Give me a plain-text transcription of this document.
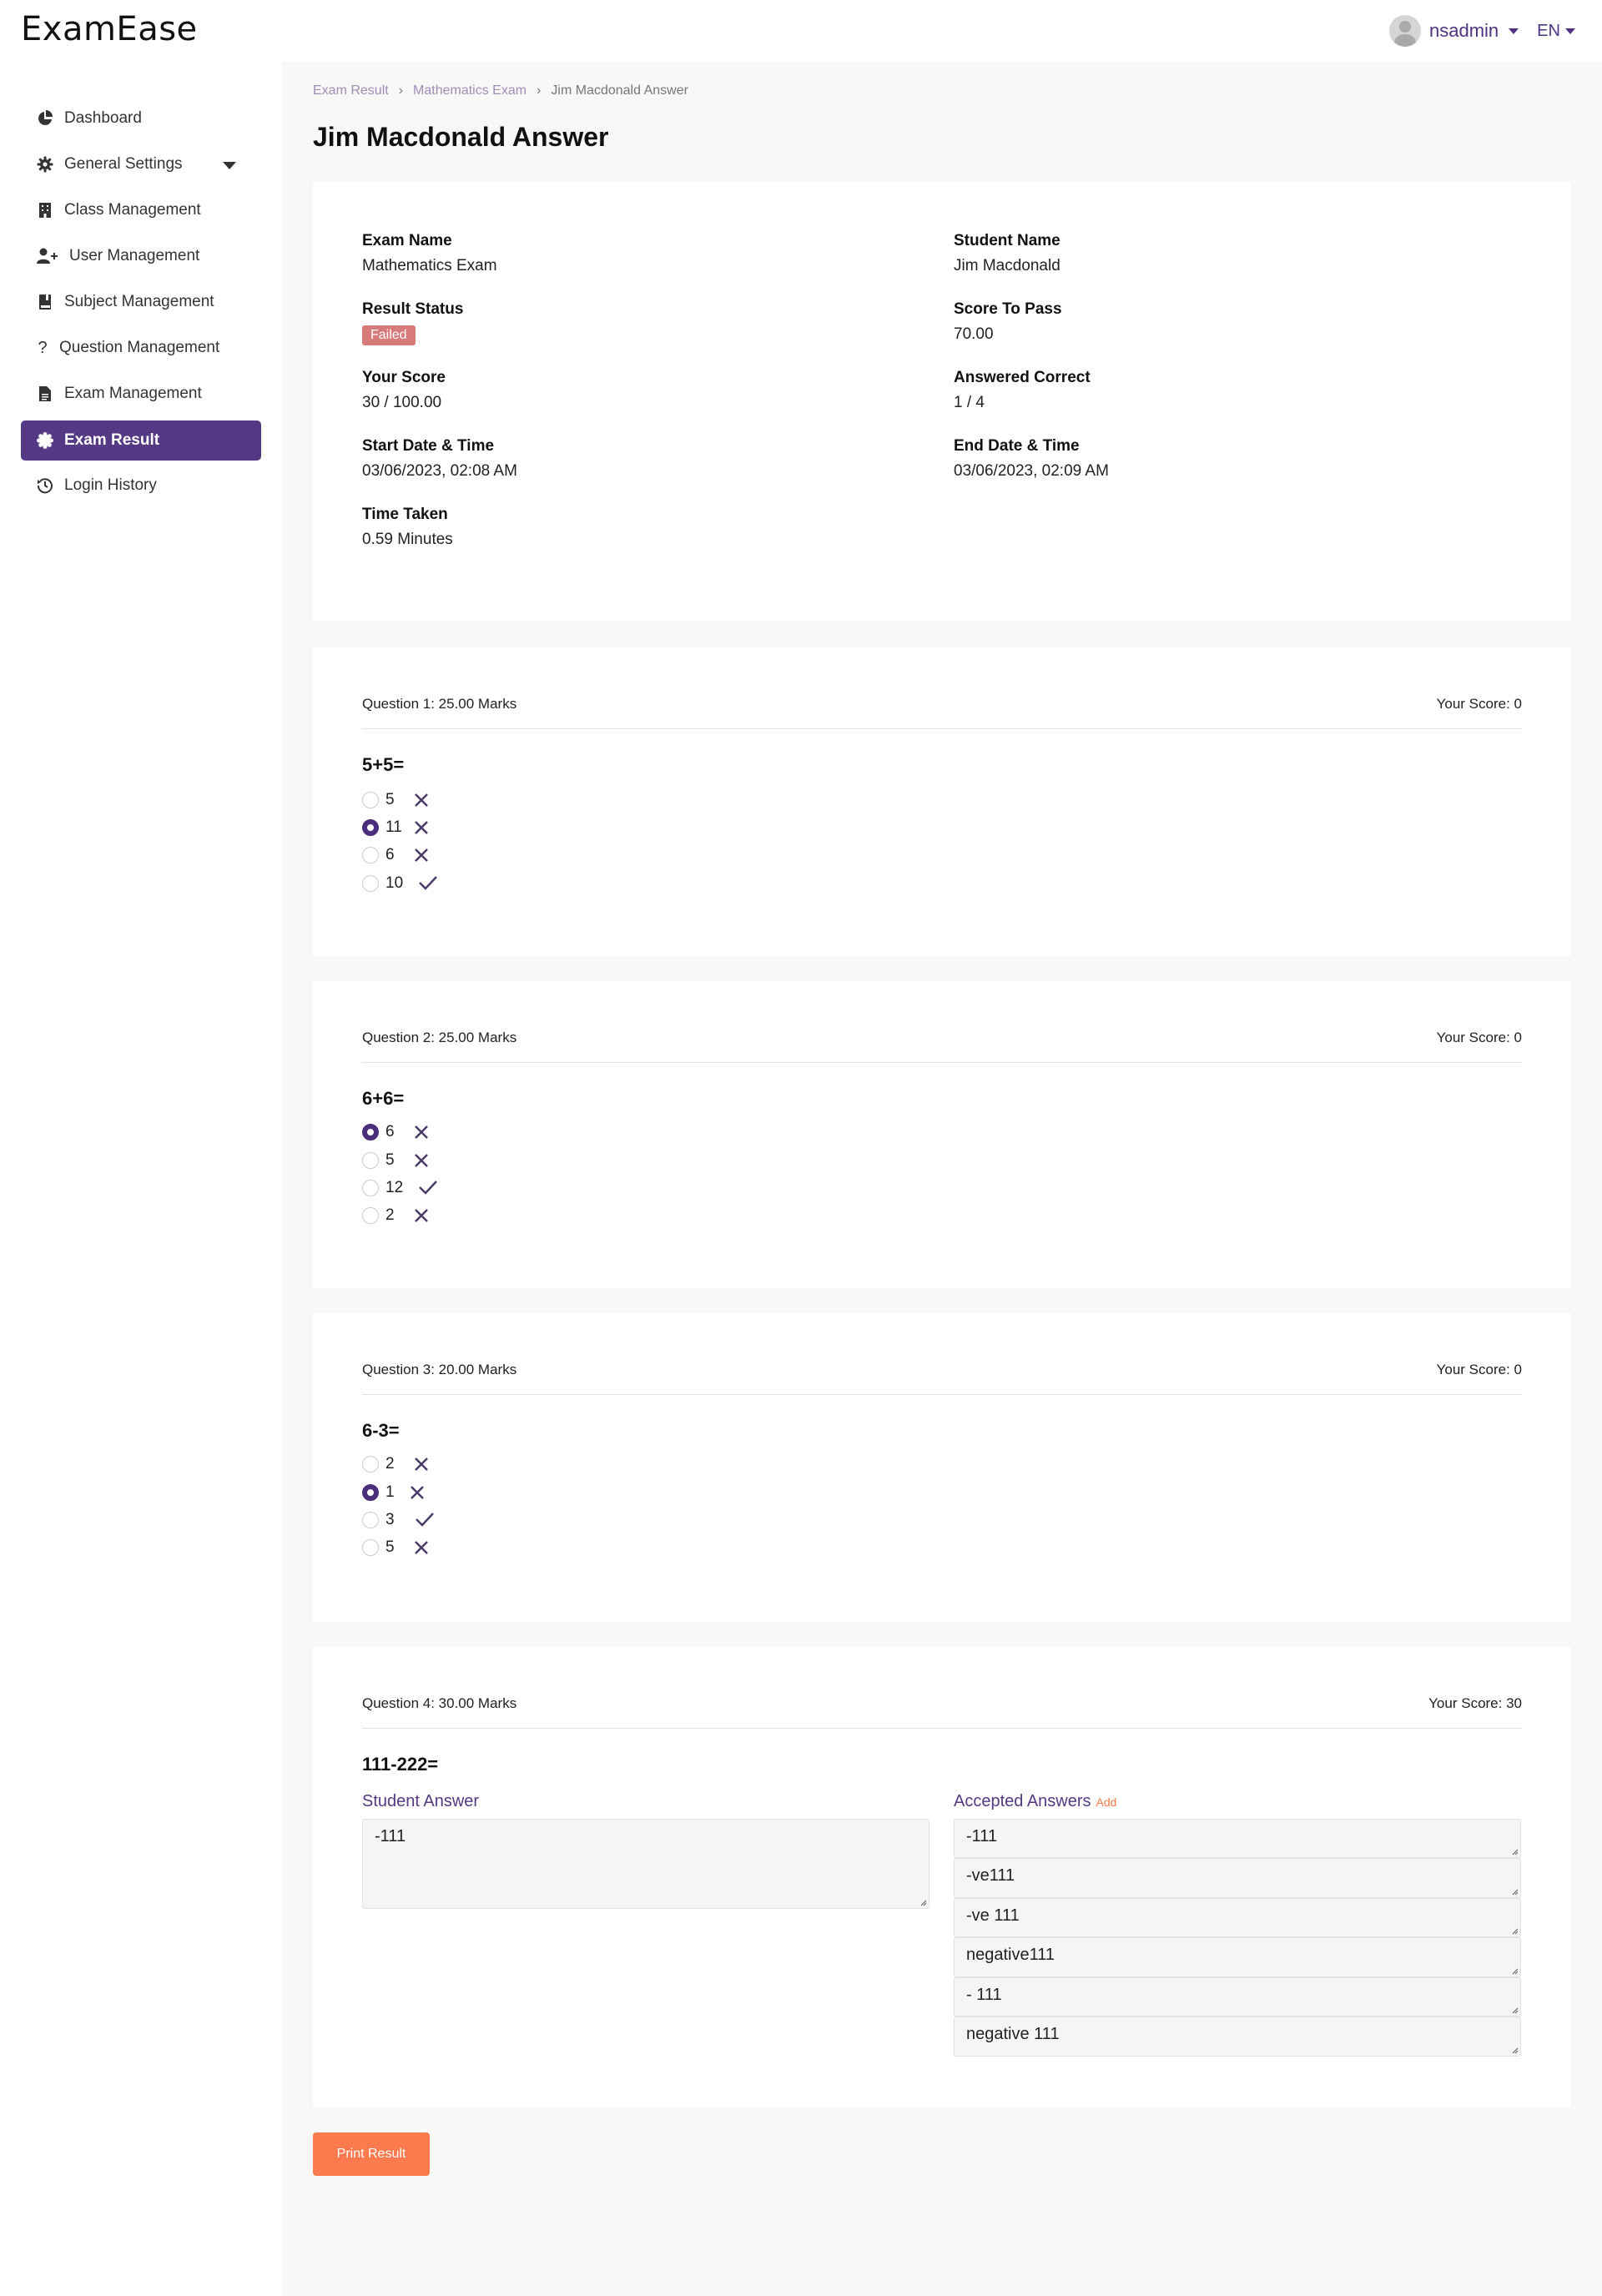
ExamEase	nsadmin EN
Dashboard
General Settings
Class Management
User Management
Subject Management
? Question Management
Exam Management
Exam Result
Login History
Exam Result › Mathematics Exam › Jim Macdonald Answer
Jim Macdonald Answer
Exam Name
Mathematics Exam
Student Name
Jim Macdonald
Result Status
Failed
Score To Pass
70.00
Your Score
30 / 100.00
Answered Correct
1 / 4
Start Date & Time
03/06/2023, 02:08 AM
End Date & Time
03/06/2023, 02:09 AM
Time Taken
0.59 Minutes
Question 1: 25.00 Marks	Your Score: 0
5+5=
5
11
6
10
Question 2: 25.00 Marks	Your Score: 0
6+6=
6
5
12
2
Question 3: 20.00 Marks	Your Score: 0
6-3=
2
1
3
5
Question 4: 30.00 Marks	Your Score: 30
111-222=
Student Answer
-111
Accepted Answers Add
-111
-ve111
-ve 111
negative111
- 111
negative 111
Print Result
